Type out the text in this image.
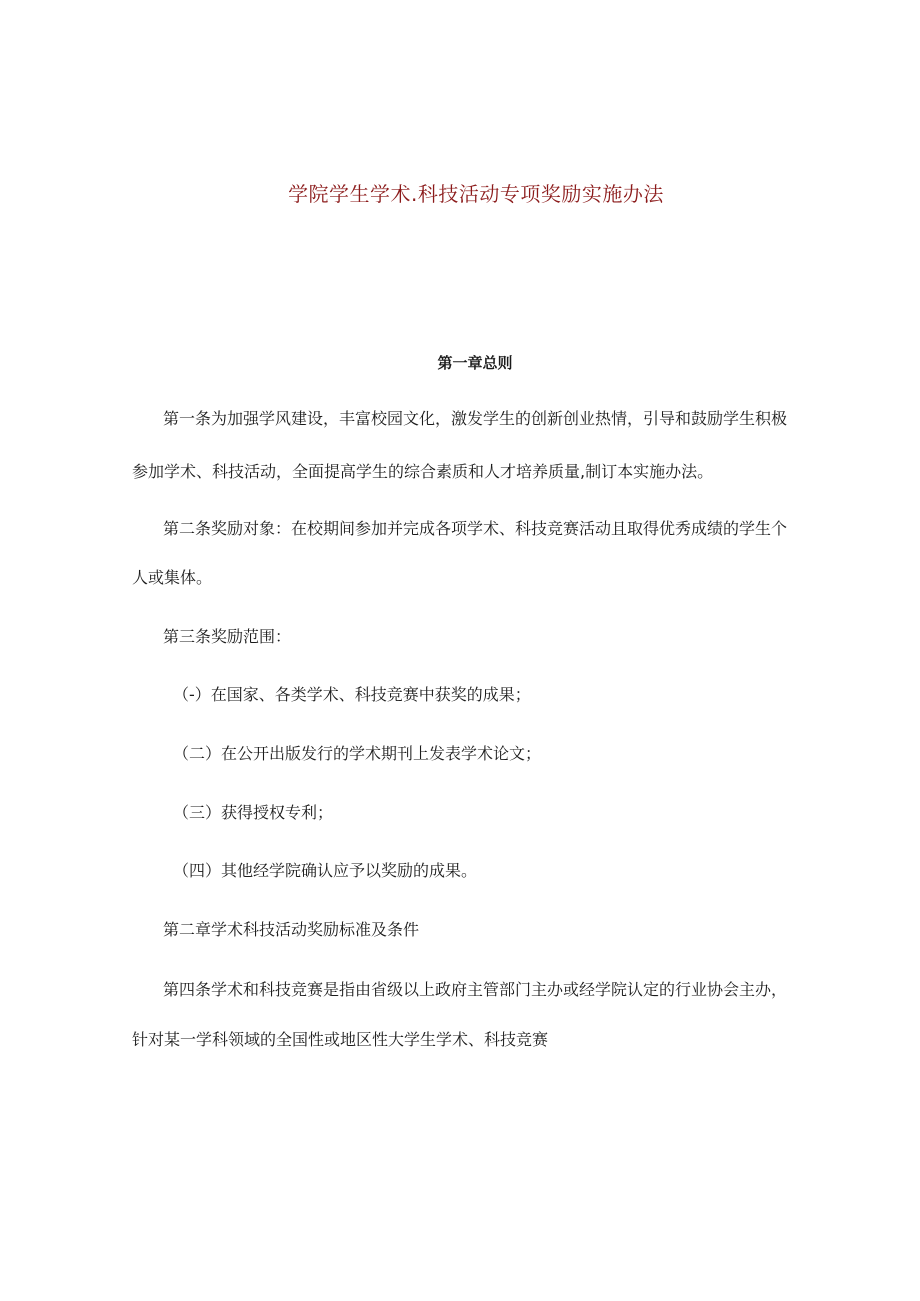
学院学生学术.科技活动专项奖励实施办法
第一章总则

第一条为加强学风建设，丰富校园文化，激发学生的创新创业热情，引导和鼓励学生积极

参加学术、科技活动，全面提高学生的综合素质和人才培养质量,制订本实施办法。

第二条奖励对象：在校期间参加并完成各项学术、科技竞赛活动且取得优秀成绩的学生个

人或集体。

第三条奖励范围：

（-）在国家、各类学术、科技竞赛中获奖的成果；

（二）在公开出版发行的学术期刊上发表学术论文；

（三）获得授权专利；

（四）其他经学院确认应予以奖励的成果。

第二章学术科技活动奖励标准及条件

第四条学术和科技竞赛是指由省级以上政府主管部门主办或经学院认定的行业协会主办，

针对某一学科领域的全国性或地区性大学生学术、科技竞赛
